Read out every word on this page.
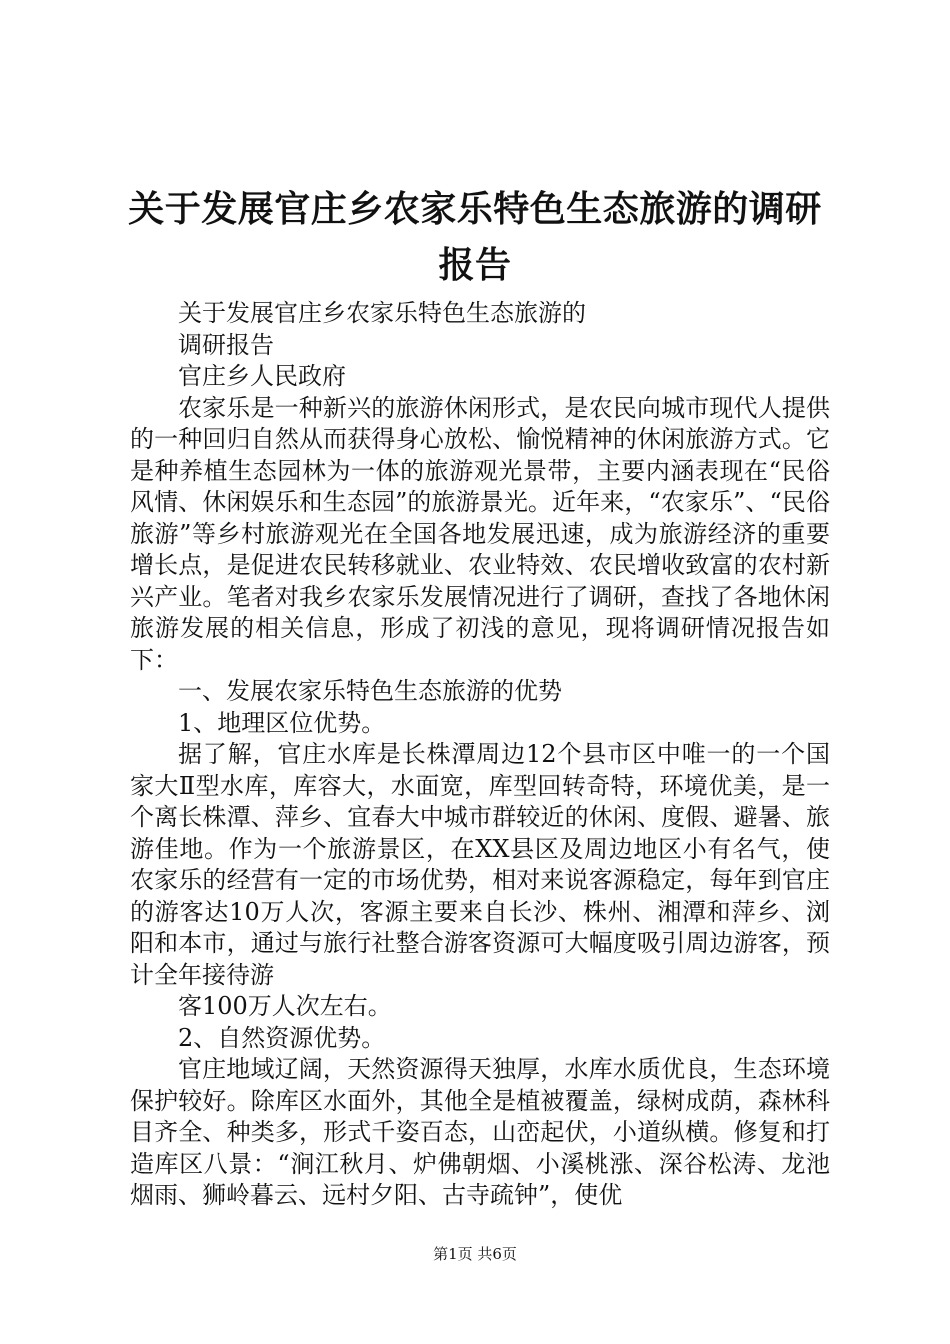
关于发展官庄乡农家乐特色生态旅游的调研报告

关于发展官庄乡农家乐特色生态旅游的

调研报告

官庄乡人民政府

农家乐是一种新兴的旅游休闲形式，是农民向城市现代人提供的一种回归自然从而获得身心放松、愉悦精神的休闲旅游方式。它是种养植生态园林为一体的旅游观光景带，主要内涵表现在“民俗风情、休闲娱乐和生态园”的旅游景光。近年来，“农家乐”、“民俗旅游”等乡村旅游观光在全国各地发展迅速，成为旅游经济的重要增长点，是促进农民转移就业、农业特效、农民增收致富的农村新兴产业。笔者对我乡农家乐发展情况进行了调研，查找了各地休闲旅游发展的相关信息，形成了初浅的意见，现将调研情况报告如下：

一、发展农家乐特色生态旅游的优势

1、地理区位优势。

据了解，官庄水库是长株潭周边12个县市区中唯一的一个国家大Ⅱ型水库，库容大，水面宽，库型回转奇特，环境优美，是一个离长株潭、萍乡、宜春大中城市群较近的休闲、度假、避暑、旅游佳地。作为一个旅游景区，在XX县区及周边地区小有名气，使农家乐的经营有一定的市场优势，相对来说客源稳定，每年到官庄的游客达10万人次，客源主要来自长沙、株州、湘潭和萍乡、浏阳和本市，通过与旅行社整合游客资源可大幅度吸引周边游客，预计全年接待游

客100万人次左右。

2、自然资源优势。

官庄地域辽阔，天然资源得天独厚，水库水质优良，生态环境保护较好。除库区水面外，其他全是植被覆盖，绿树成荫，森林科目齐全、种类多，形式千姿百态，山峦起伏，小道纵横。修复和打造库区八景：“涧江秋月、炉佛朝烟、小溪桃涨、深谷松涛、龙池烟雨、狮岭暮云、远村夕阳、古寺疏钟”，使优

第1页 共6页
